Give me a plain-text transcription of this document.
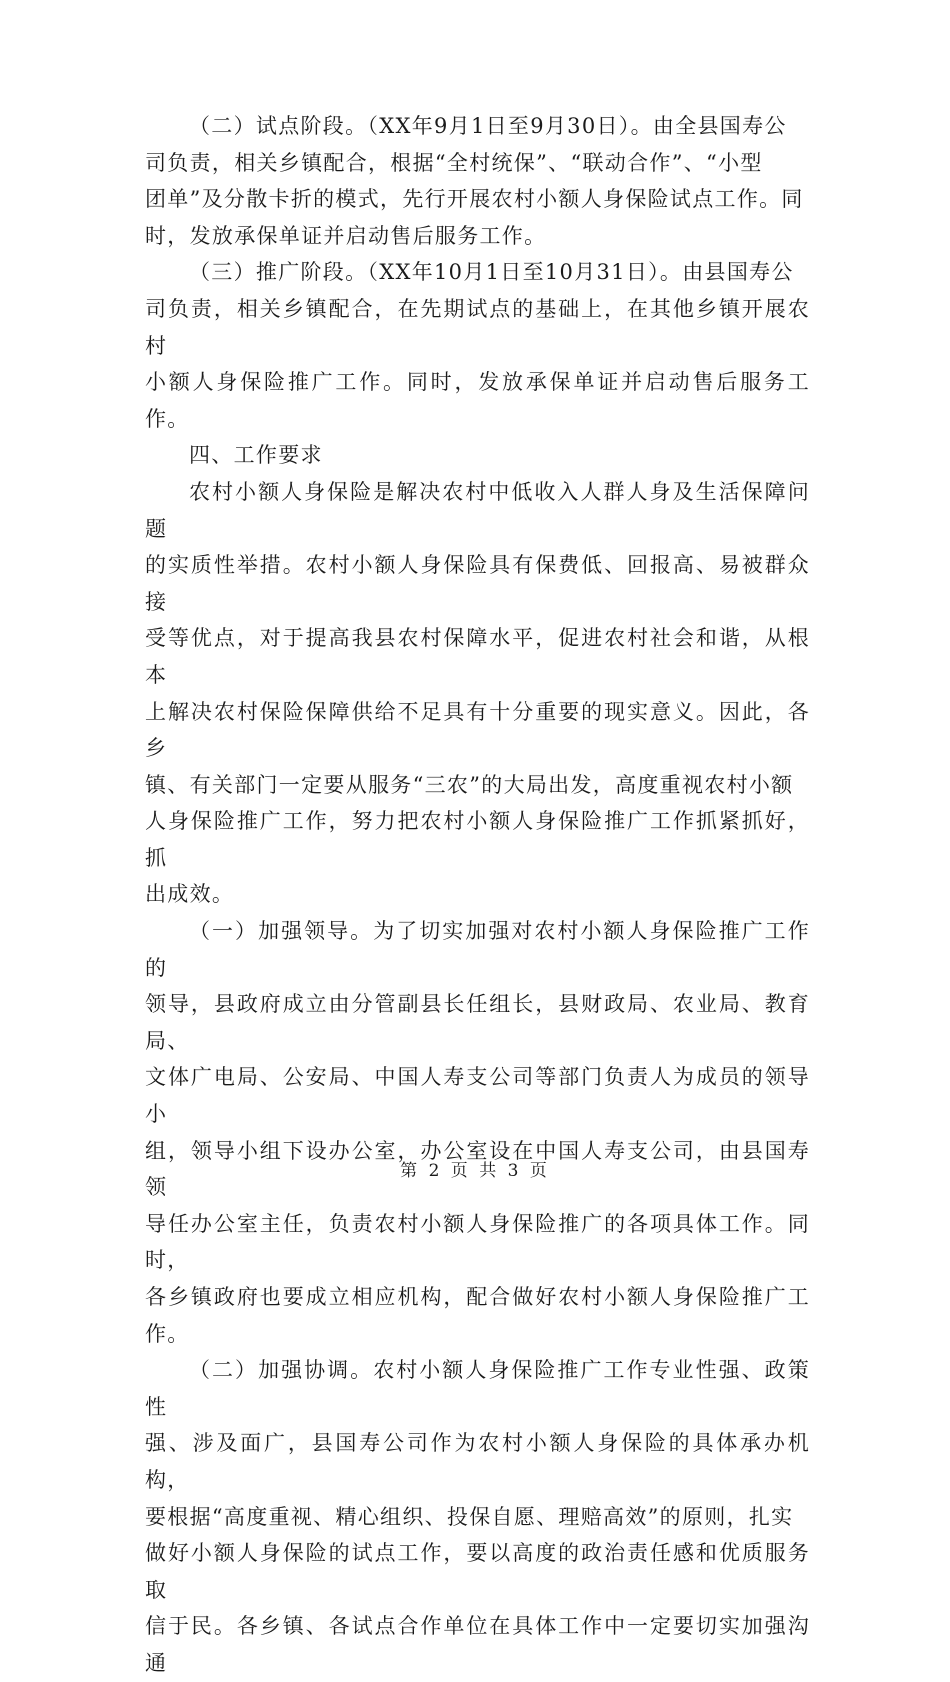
（二）试点阶段。（XX年9月1日至9月30日）。由全县国寿公
司负责，相关乡镇配合，根据“全村统保”、“联动合作”、“小型
团单”及分散卡折的模式，先行开展农村小额人身保险试点工作。同
时，发放承保单证并启动售后服务工作。

（三）推广阶段。（XX年10月1日至10月31日）。由县国寿公
司负责，相关乡镇配合，在先期试点的基础上，在其他乡镇开展农村
小额人身保险推广工作。同时，发放承保单证并启动售后服务工作。

四、工作要求

农村小额人身保险是解决农村中低收入人群人身及生活保障问题
的实质性举措。农村小额人身保险具有保费低、回报高、易被群众接
受等优点，对于提高我县农村保障水平，促进农村社会和谐，从根本
上解决农村保险保障供给不足具有十分重要的现实意义。因此，各乡
镇、有关部门一定要从服务“三农”的大局出发，高度重视农村小额
人身保险推广工作，努力把农村小额人身保险推广工作抓紧抓好，抓
出成效。

（一）加强领导。为了切实加强对农村小额人身保险推广工作的
领导，县政府成立由分管副县长任组长，县财政局、农业局、教育局、
文体广电局、公安局、中国人寿支公司等部门负责人为成员的领导小
组，领导小组下设办公室，办公室设在中国人寿支公司，由县国寿领
导任办公室主任，负责农村小额人身保险推广的各项具体工作。同时，
各乡镇政府也要成立相应机构，配合做好农村小额人身保险推广工作。

（二）加强协调。农村小额人身保险推广工作专业性强、政策性
强、涉及面广，县国寿公司作为农村小额人身保险的具体承办机构，
要根据“高度重视、精心组织、投保自愿、理赔高效”的原则，扎实
做好小额人身保险的试点工作，要以高度的政治责任感和优质服务取
信于民。各乡镇、各试点合作单位在具体工作中一定要切实加强沟通

第 2 页 共 3 页
